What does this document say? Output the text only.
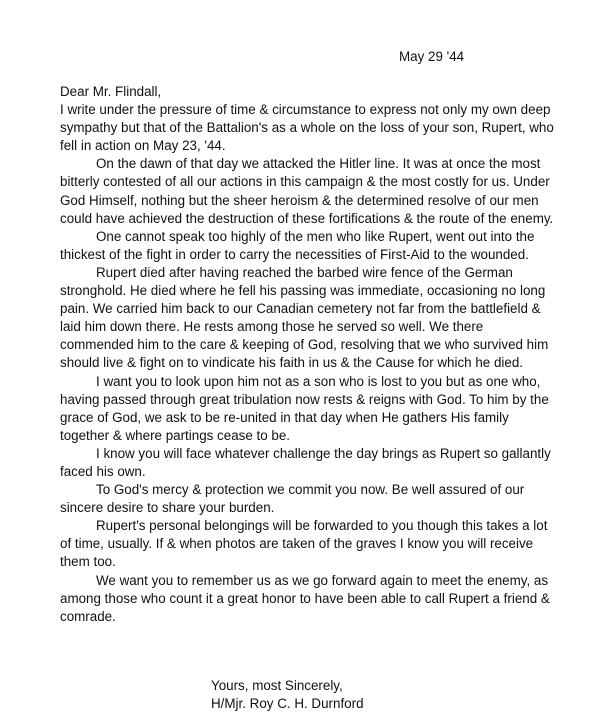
May 29 '44

Dear Mr. Flindall,

I write under the pressure of time & circumstance to express not only my own deep sympathy but that of the Battalion's as a whole on the loss of your son, Rupert, who fell in action on May 23, '44.

On the dawn of that day we attacked the Hitler line. It was at once the most bitterly contested of all our actions in this campaign & the most costly for us. Under God Himself, nothing but the sheer heroism & the determined resolve of our men could have achieved the destruction of these fortifications & the route of the enemy.

One cannot speak too highly of the men who like Rupert, went out into the thickest of the fight in order to carry the necessities of First-Aid to the wounded.

Rupert died after having reached the barbed wire fence of the German stronghold. He died where he fell his passing was immediate, occasioning no long pain. We carried him back to our Canadian cemetery not far from the battlefield & laid him down there. He rests among those he served so well. We there commended him to the care & keeping of God, resolving that we who survived him should live & fight on to vindicate his faith in us & the Cause for which he died.

I want you to look upon him not as a son who is lost to you but as one who, having passed through great tribulation now rests & reigns with God. To him by the grace of God, we ask to be re-united in that day when He gathers His family together & where partings cease to be.

I know you will face whatever challenge the day brings as Rupert so gallantly faced his own.

To God's mercy & protection we commit you now. Be well assured of our sincere desire to share your burden.

Rupert's personal belongings will be forwarded to you though this takes a lot of time, usually. If & when photos are taken of the graves I know you will receive them too.

We want you to remember us as we go forward again to meet the enemy, as among those who count it a great honor to have been able to call Rupert a friend & comrade.

Yours, most Sincerely,
H/Mjr. Roy C. H. Durnford
